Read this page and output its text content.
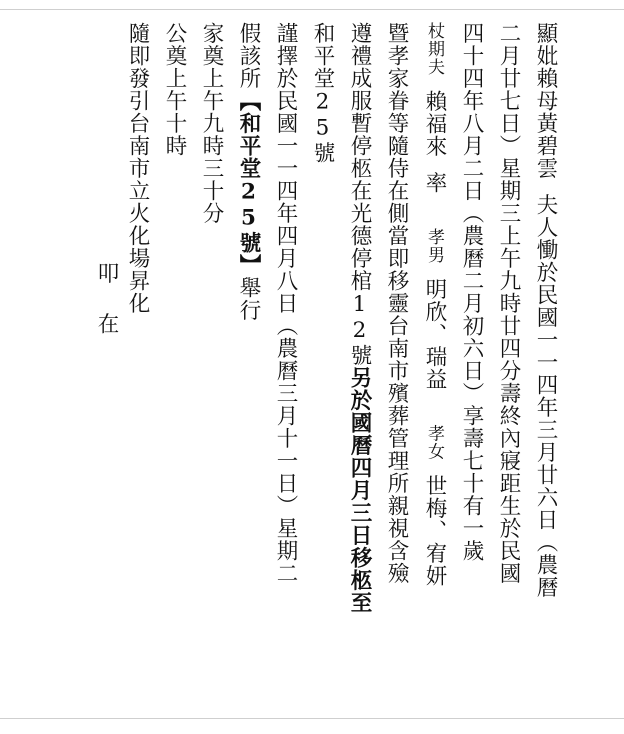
顯妣賴母黃碧雲夫人慟於民國一一四年三月廿六日（農曆
二月廿七日）星期三上午九時廿四分壽終內寢距生於民國
四十四年八月二日（農曆二月初六日）享壽七十有一歲
杖期夫賴福來率孝男明欣、瑞益孝女世梅、宥妍
暨孝家眷等隨侍在側當即移靈台南市殯葬管理所親視含殮
遵禮成服暫停柩在光德停棺12號另於國曆四月三日移柩至
和平堂25號
謹擇於民國一一四年四月八日（農曆三月十一日）星期二
假該所【和平堂25號】舉行
家奠上午九時三十分
公奠上午十時
隨即發引台南市立火化場昇化
叩在
